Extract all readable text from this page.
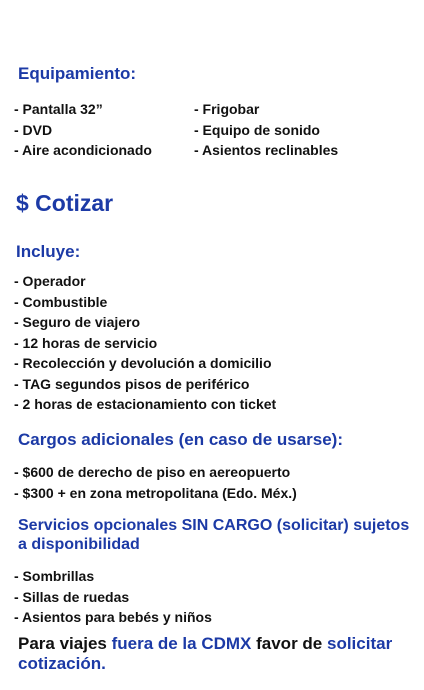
Equipamiento:
- Pantalla 32”
- DVD
- Aire acondicionado
- Frigobar
- Equipo de sonido
- Asientos reclinables
$ Cotizar
Incluye:
- Operador
- Combustible
- Seguro de viajero
- 12 horas de servicio
- Recolección y devolución a domicilio
- TAG segundos pisos de periférico
- 2 horas de estacionamiento con ticket
Cargos adicionales (en caso de usarse):
- $600 de derecho de piso en aereopuerto
- $300 + en zona metropolitana (Edo. Méx.)
Servicios opcionales SIN CARGO (solicitar) sujetos a disponibilidad
- Sombrillas
- Sillas de ruedas
- Asientos para bebés y niños

Para viajes fuera de la CDMX favor de solicitar cotización.
